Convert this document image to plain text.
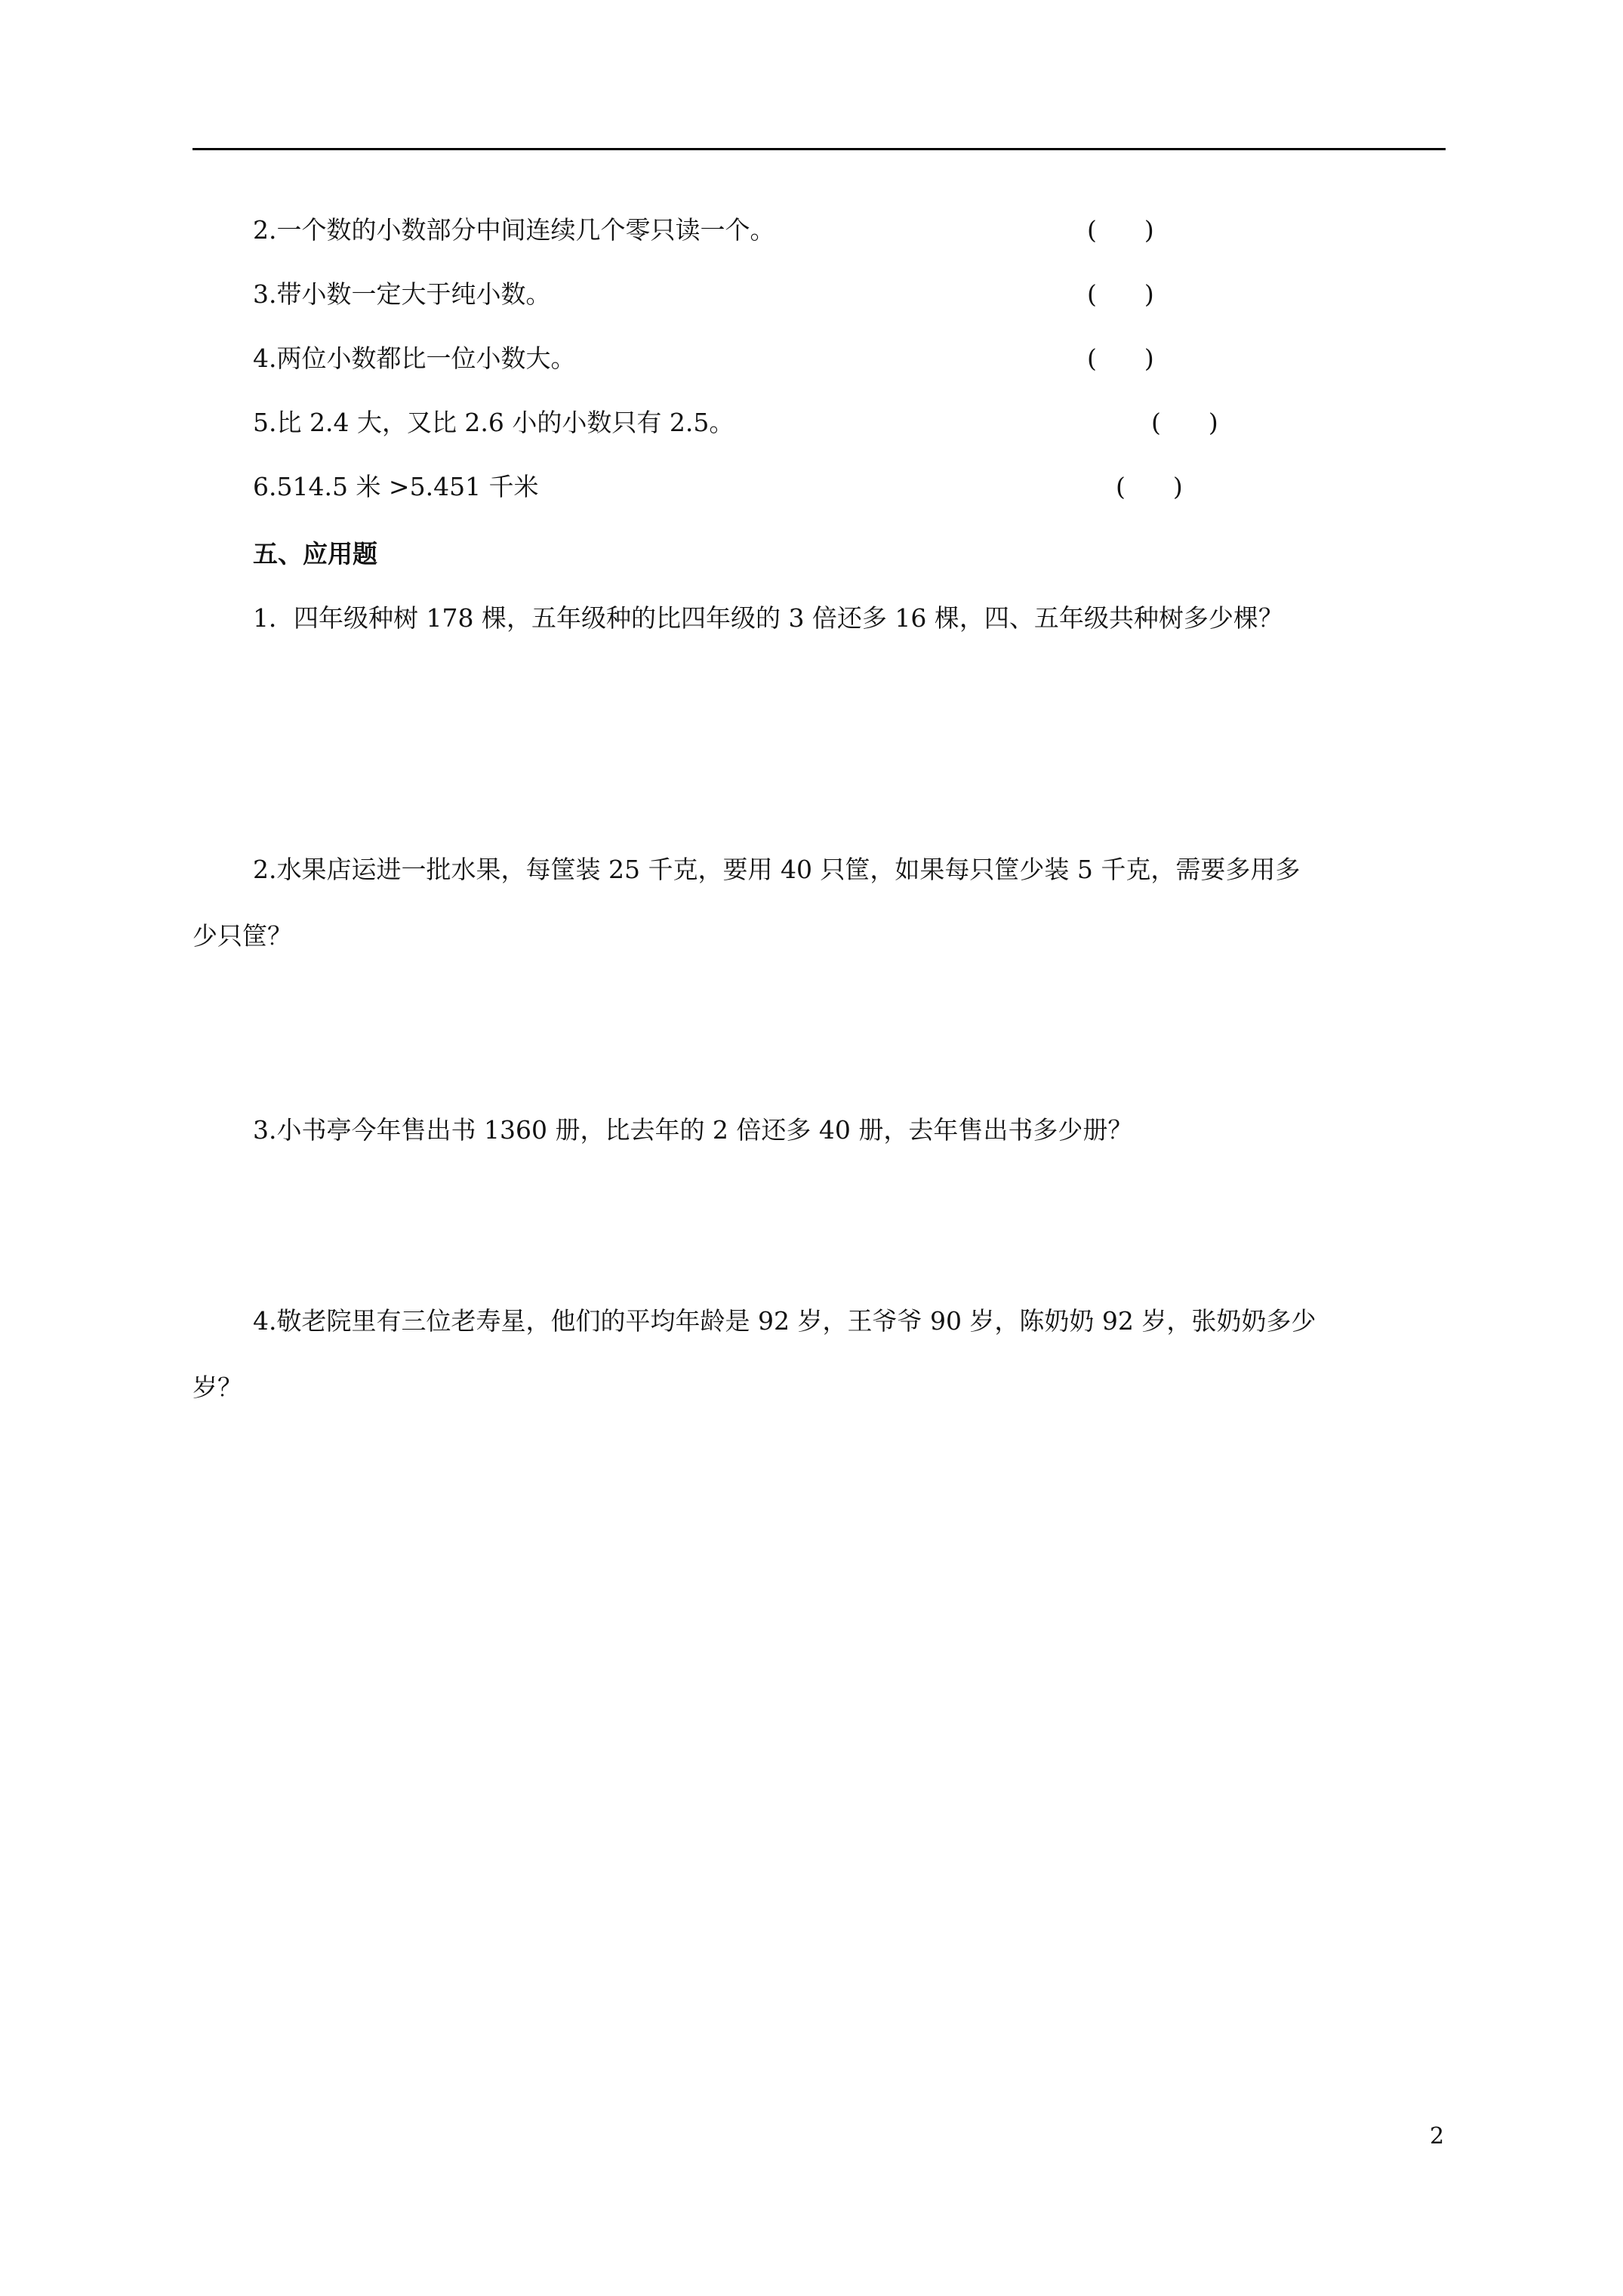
2.一个数的小数部分中间连续几个零只读一个。	(      )
3.带小数一定大于纯小数。	(      )
4.两位小数都比一位小数大。	(      )
5.比 2.4 大，又比 2.6 小的小数只有 2.5。	(      )
6.514.5 米 >5.451 千米	(      )
五、应用题
1．四年级种树 178 棵，五年级种的比四年级的 3 倍还多 16 棵，四、五年级共种树多少棵？
2.水果店运进一批水果，每筐装 25 千克，要用 40 只筐，如果每只筐少装 5 千克，需要多用多
少只筐？
3.小书亭今年售出书 1360 册，比去年的 2 倍还多 40 册，去年售出书多少册？
4.敬老院里有三位老寿星，他们的平均年龄是 92 岁，王爷爷 90 岁，陈奶奶 92 岁，张奶奶多少
岁？
2
